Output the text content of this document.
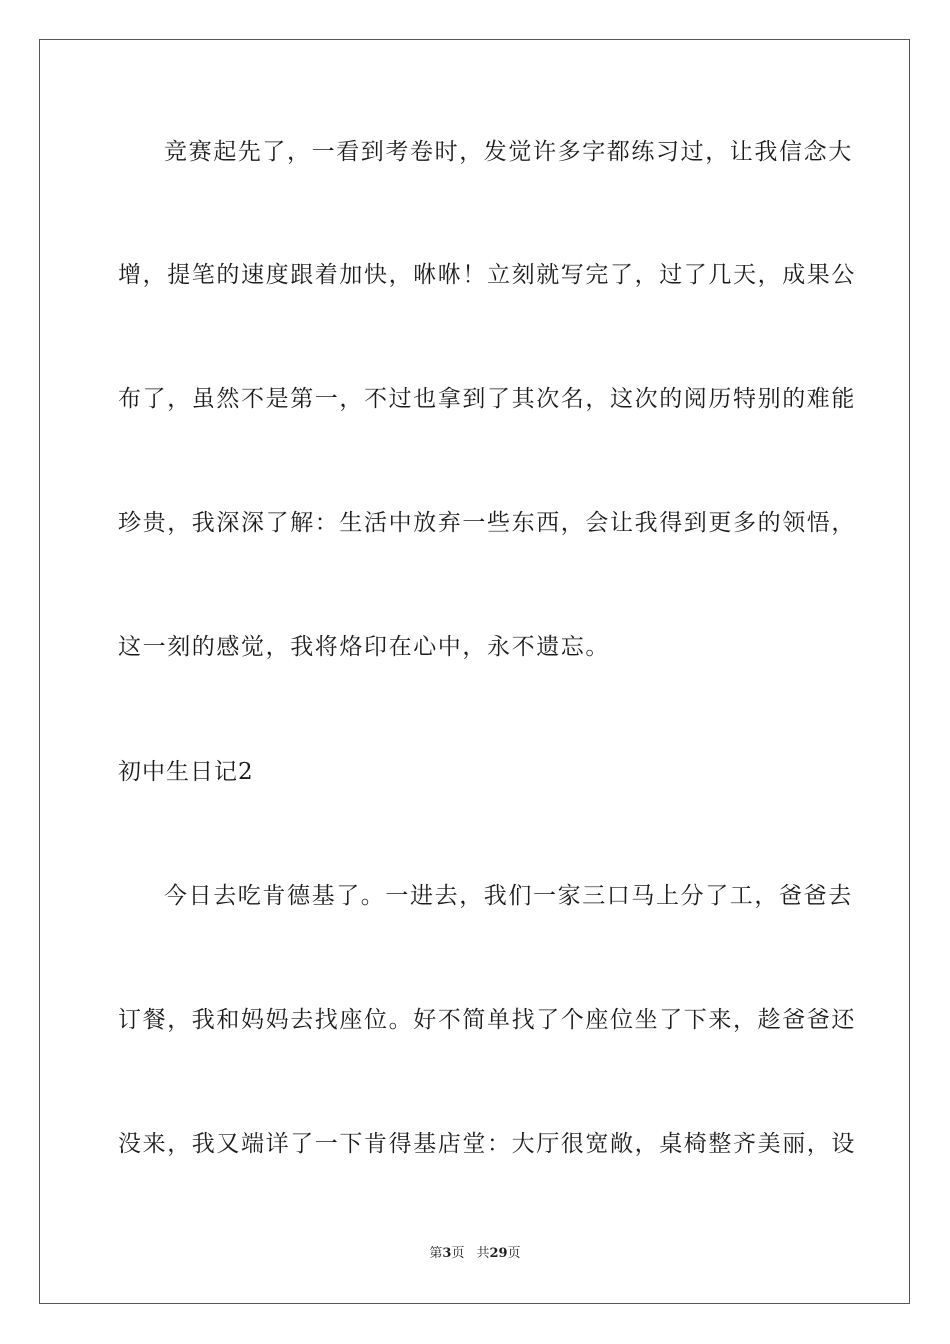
竞赛起先了，一看到考卷时，发觉许多字都练习过，让我信念大
增，提笔的速度跟着加快，咻咻！立刻就写完了，过了几天，成果公
布了，虽然不是第一，不过也拿到了其次名，这次的阅历特别的难能
珍贵，我深深了解：生活中放弃一些东西，会让我得到更多的领悟，
这一刻的感觉，我将烙印在心中，永不遗忘。
初中生日记2
今日去吃肯德基了。一进去，我们一家三口马上分了工，爸爸去
订餐，我和妈妈去找座位。好不简单找了个座位坐了下来，趁爸爸还
没来，我又端详了一下肯得基店堂：大厅很宽敞，桌椅整齐美丽，设
第3页 共29页
